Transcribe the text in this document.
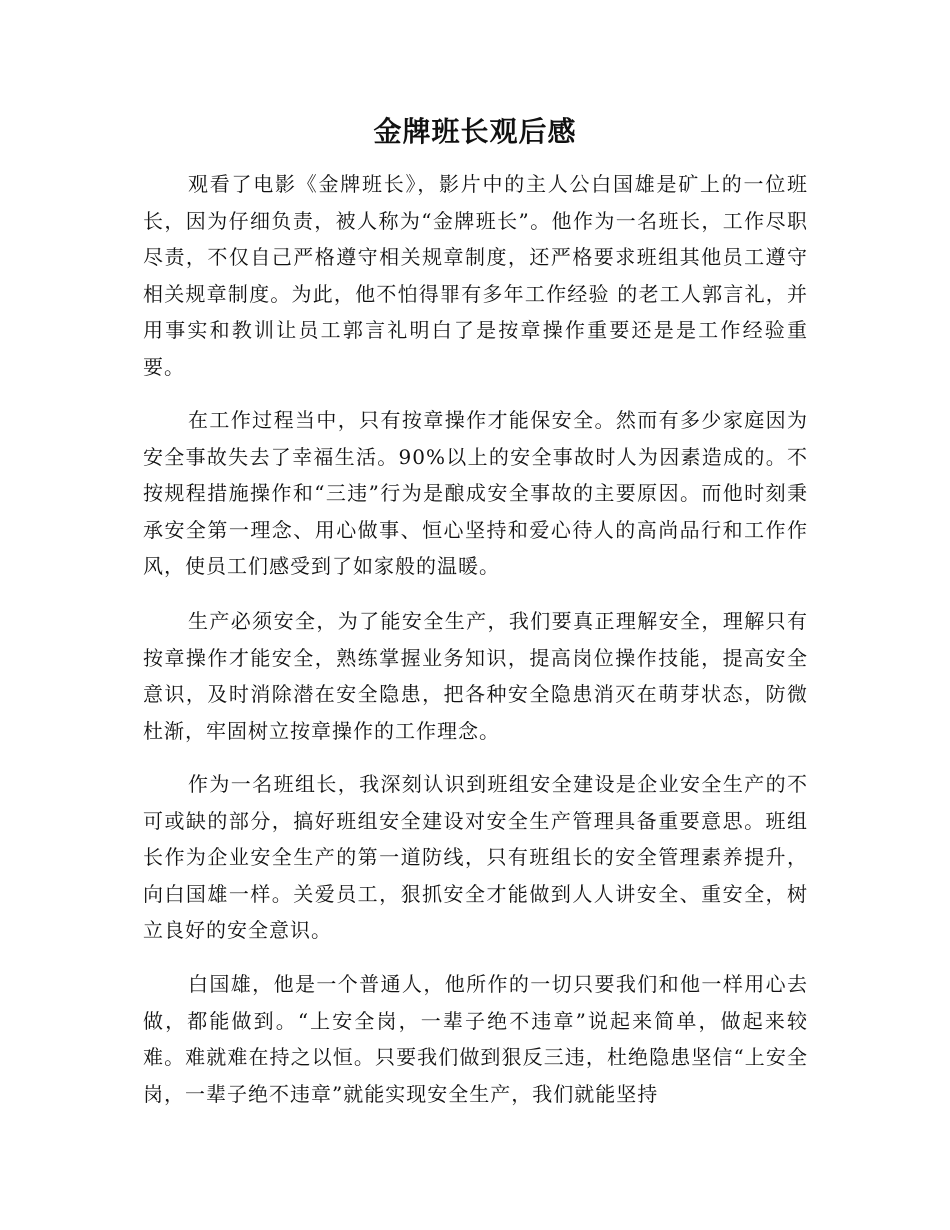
金牌班长观后感

观看了电影《金牌班长》，影片中的主人公白国雄是矿上的一位班长，因为仔细负责，被人称为“金牌班长”。他作为一名班长，工作尽职尽责，不仅自己严格遵守相关规章制度，还严格要求班组其他员工遵守相关规章制度。为此，他不怕得罪有多年工作经验 的老工人郭言礼，并用事实和教训让员工郭言礼明白了是按章操作重要还是是工作经验重要。

在工作过程当中，只有按章操作才能保安全。然而有多少家庭因为安全事故失去了幸福生活。90%以上的安全事故时人为因素造成的。不按规程措施操作和“三违”行为是酿成安全事故的主要原因。而他时刻秉承安全第一理念、用心做事、恒心坚持和爱心待人的高尚品行和工作作风，使员工们感受到了如家般的温暖。

生产必须安全，为了能安全生产，我们要真正理解安全，理解只有按章操作才能安全，熟练掌握业务知识，提高岗位操作技能，提高安全意识，及时消除潜在安全隐患，把各种安全隐患消灭在萌芽状态，防微杜渐，牢固树立按章操作的工作理念。

作为一名班组长，我深刻认识到班组安全建设是企业安全生产的不可或缺的部分，搞好班组安全建设对安全生产管理具备重要意思。班组长作为企业安全生产的第一道防线，只有班组长的安全管理素养提升，向白国雄一样。关爱员工，狠抓安全才能做到人人讲安全、重安全，树立良好的安全意识。

白国雄，他是一个普通人，他所作的一切只要我们和他一样用心去做，都能做到。“上安全岗，一辈子绝不违章”说起来简单，做起来较难。难就难在持之以恒。只要我们做到狠反三违，杜绝隐患坚信“上安全岗，一辈子绝不违章”就能实现安全生产，我们就能坚持
